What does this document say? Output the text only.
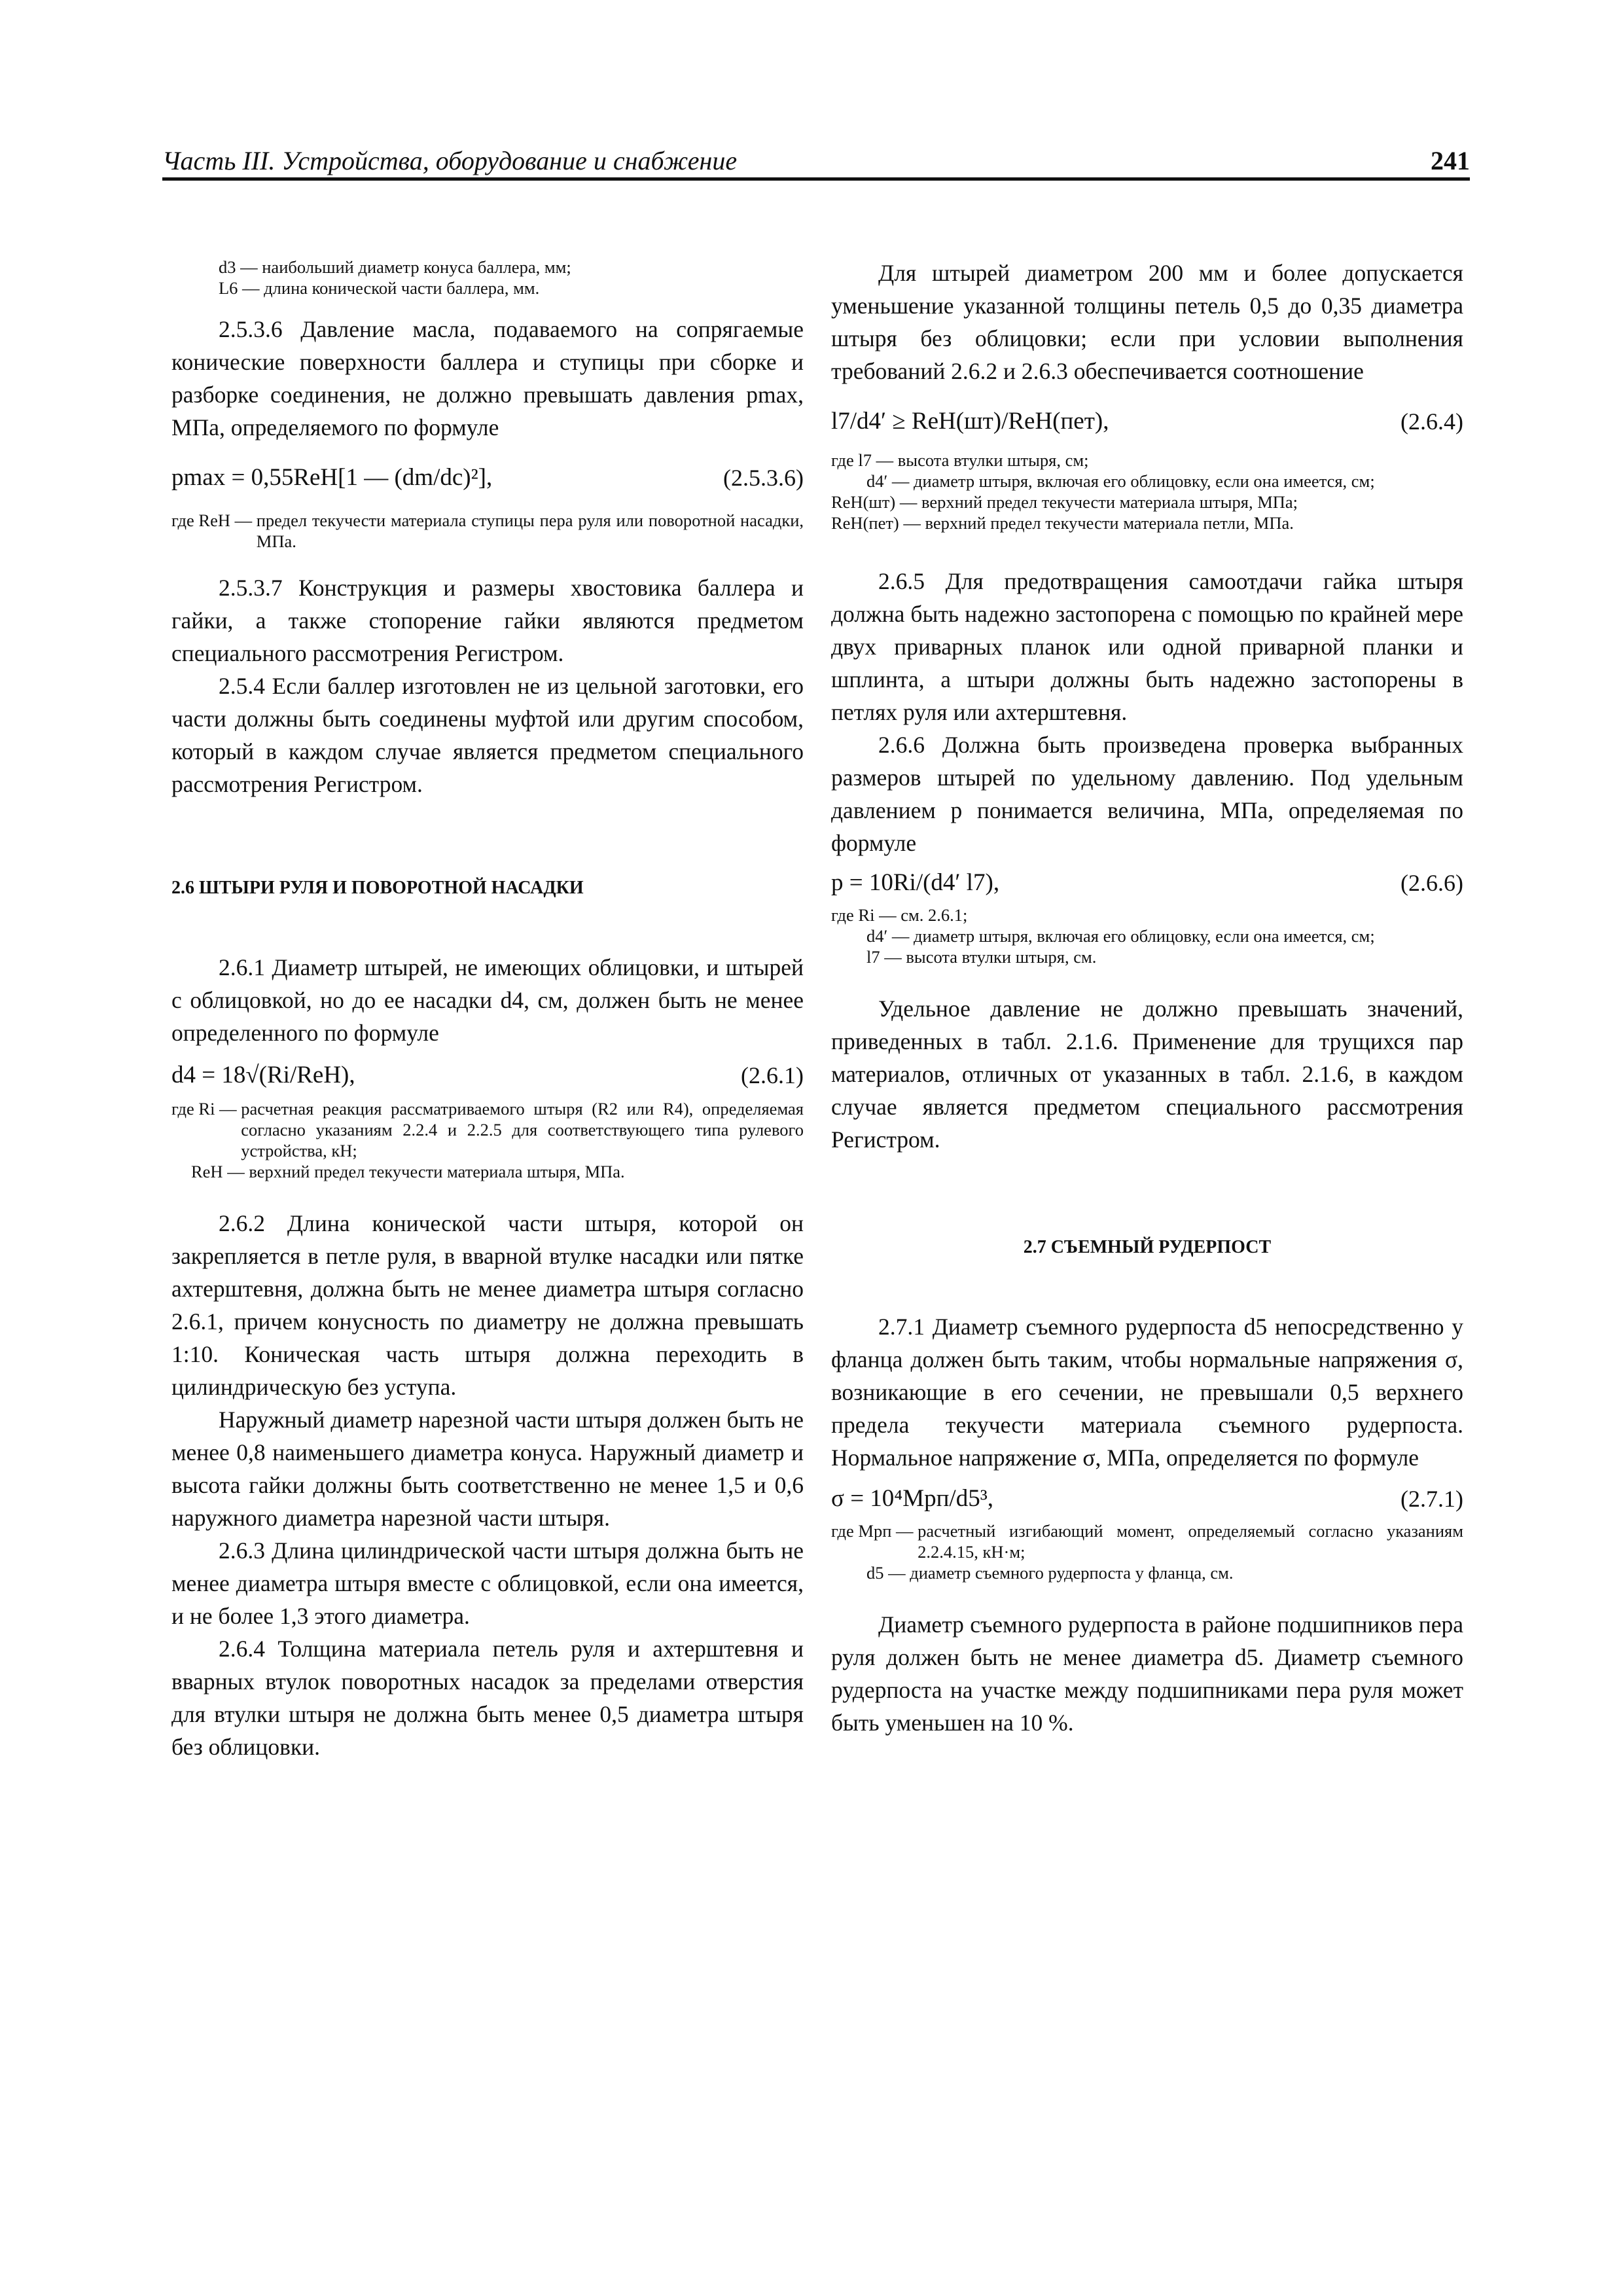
Часть III. Устройства, оборудование и снабжение	241
d3 — наибольший диаметр конуса баллера, мм;
L6 — длина конической части баллера, мм.

2.5.3.6 Давление масла, подаваемого на сопрягаемые конические поверхности баллера и ступицы при сборке и разборке соединения, не должно превышать давления pmax, МПа, определяемого по формуле

pmax = 0,55ReH[1 — (dm/dc)²],	(2.5.3.6)
где ReH —
предел текучести материала ступицы пера руля или поворотной насадки, МПа.

2.5.3.7 Конструкция и размеры хвостовика баллера и гайки, а также стопорение гайки являются предметом специального рассмотрения Регистром.

2.5.4 Если баллер изготовлен не из цельной заготовки, его части должны быть соединены муфтой или другим способом, который в каждом случае является предметом специального рассмотрения Регистром.

2.6 ШТЫРИ РУЛЯ И ПОВОРОТНОЙ НАСАДКИ

2.6.1 Диаметр штырей, не имеющих облицовки, и штырей с облицовкой, но до ее насадки d4, см, должен быть не менее определенного по формуле

d4 = 18√(Ri/ReH),	(2.6.1)
где Ri —
расчетная реакция рассматриваемого штыря (R2 или R4), определяемая согласно указаниям 2.2.4 и 2.2.5 для соответствующего типа рулевого устройства, кН;
ReH —
верхний предел текучести материала штыря, МПа.

2.6.2 Длина конической части штыря, которой он закрепляется в петле руля, в вварной втулке насадки или пятке ахтерштевня, должна быть не менее диаметра штыря согласно 2.6.1, причем конусность по диаметру не должна превышать 1:10. Коническая часть штыря должна переходить в цилиндрическую без уступа.

Наружный диаметр нарезной части штыря должен быть не менее 0,8 наименьшего диаметра конуса. Наружный диаметр и высота гайки должны быть соответственно не менее 1,5 и 0,6 наружного диаметра нарезной части штыря.

2.6.3 Длина цилиндрической части штыря должна быть не менее диаметра штыря вместе с облицовкой, если она имеется, и не более 1,3 этого диаметра.

2.6.4 Толщина материала петель руля и ахтерштевня и вварных втулок поворотных насадок за пределами отверстия для втулки штыря не должна быть менее 0,5 диаметра штыря без облицовки.

Для штырей диаметром 200 мм и более допускается уменьшение указанной толщины петель 0,5 до 0,35 диаметра штыря без облицовки; если при условии выполнения требований 2.6.2 и 2.6.3 обеспечивается соотношение

l7/d4′ ≥ ReH(шт)/ReH(пет),	(2.6.4)
где l7 —
высота втулки штыря, см;
d4′ —
диаметр штыря, включая его облицовку, если она имеется, см;
ReH(шт) —
верхний предел текучести материала штыря, МПа;
ReH(пет) —
верхний предел текучести материала петли, МПа.

2.6.5 Для предотвращения самоотдачи гайка штыря должна быть надежно застопорена с помощью по крайней мере двух приварных планок или одной приварной планки и шплинта, а штыри должны быть надежно застопорены в петлях руля или ахтерштевня.

2.6.6 Должна быть произведена проверка выбранных размеров штырей по удельному давлению. Под удельным давлением p понимается величина, МПа, определяемая по формуле

p = 10Ri/(d4′ l7),	(2.6.6)
где Ri —
см. 2.6.1;
d4′ —
диаметр штыря, включая его облицовку, если она имеется, см;
l7 —
высота втулки штыря, см.

Удельное давление не должно превышать значений, приведенных в табл. 2.1.6. Применение для трущихся пар материалов, отличных от указанных в табл. 2.1.6, в каждом случае является предметом специального рассмотрения Регистром.

2.7 СЪЕМНЫЙ РУДЕРПОСТ

2.7.1 Диаметр съемного рудерпоста d5 непосредственно у фланца должен быть таким, чтобы нормальные напряжения σ, возникающие в его сечении, не превышали 0,5 верхнего предела текучести материала съемного рудерпоста. Нормальное напряжение σ, МПа, определяется по формуле

σ = 10⁴Mрп/d5³,	(2.7.1)
где Mрп —
расчетный изгибающий момент, определяемый согласно указаниям 2.2.4.15, кН·м;
d5 —
диаметр съемного рудерпоста у фланца, см.

Диаметр съемного рудерпоста в районе подшипников пера руля должен быть не менее диаметра d5. Диаметр съемного рудерпоста на участке между подшипниками пера руля может быть уменьшен на 10 %.
